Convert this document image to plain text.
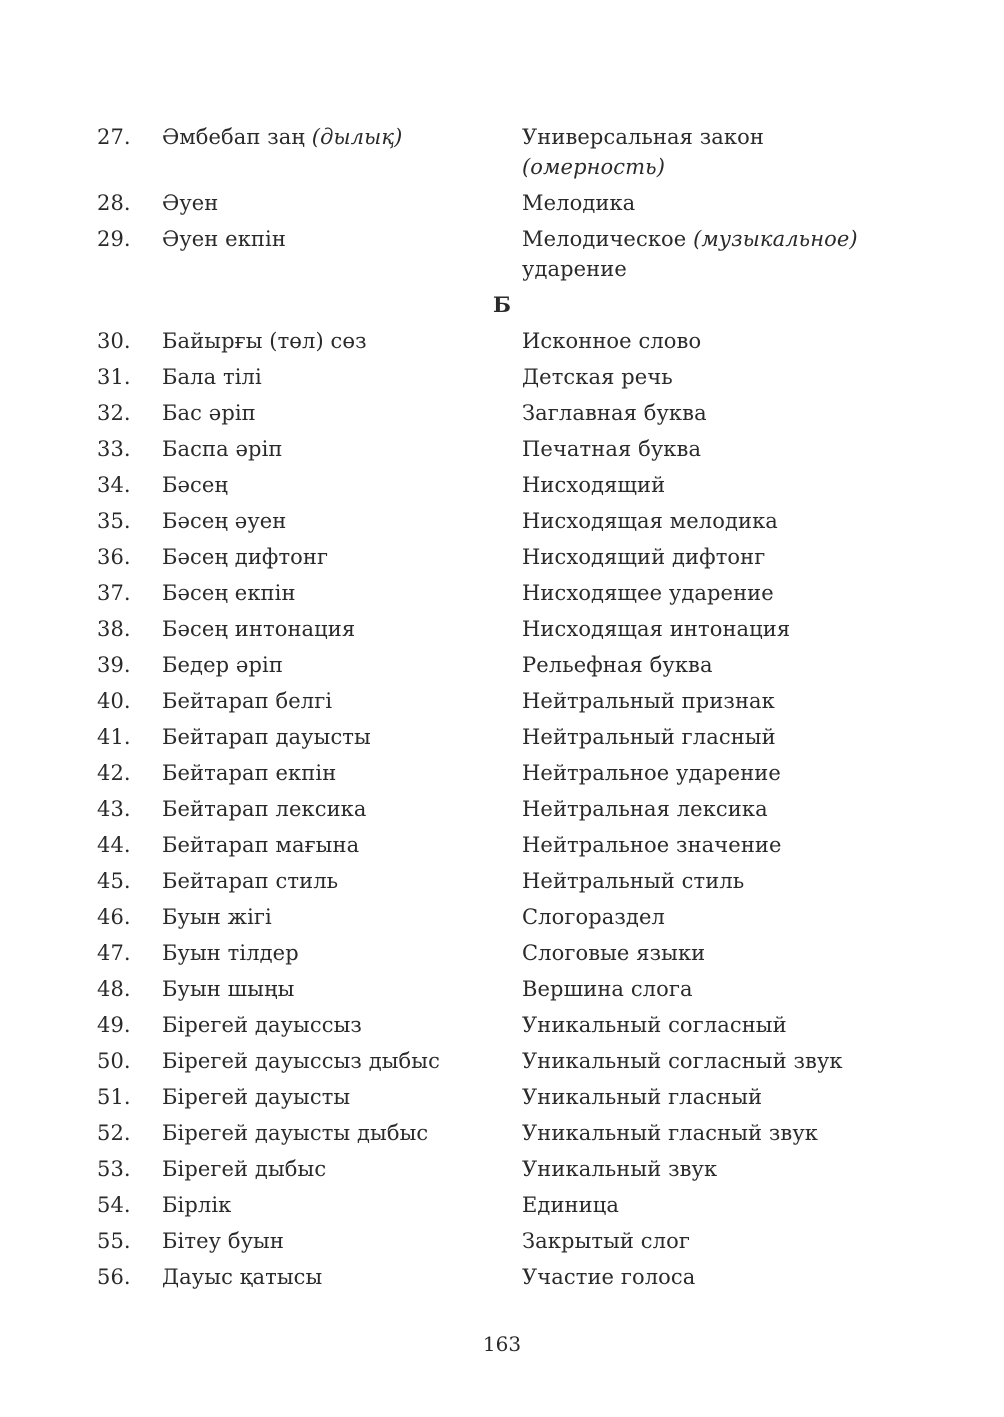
27.	Әмбебап заң (дылық)	Универсальная закон (омерность)
28.	Әуен	Мелодика
29.	Әуен екпін	Мелодическое (музыкальное) ударение
Б
30.	Байырғы (төл) сөз	Исконное слово
31.	Бала тілі	Детская речь
32.	Бас әріп	Заглавная буква
33.	Баспа әріп	Печатная буква
34.	Бәсең	Нисходящий
35.	Бәсең әуен	Нисходящая мелодика
36.	Бәсең дифтонг	Нисходящий дифтонг
37.	Бәсең екпін	Нисходящее ударение
38.	Бәсең интонация	Нисходящая интонация
39.	Бедер әріп	Рельефная буква
40.	Бейтарап белгі	Нейтральный признак
41.	Бейтарап дауысты	Нейтральный гласный
42.	Бейтарап екпін	Нейтральное ударение
43.	Бейтарап лексика	Нейтральная лексика
44.	Бейтарап мағына	Нейтральное значение
45.	Бейтарап стиль	Нейтральный стиль
46.	Буын жігі	Слогораздел
47.	Буын тілдер	Слоговые языки
48.	Буын шыңы	Вершина слога
49.	Бірегей дауыссыз	Уникальный согласный
50.	Бірегей дауыссыз дыбыс	Уникальный согласный звук
51.	Бірегей дауысты	Уникальный гласный
52.	Бірегей дауысты дыбыс	Уникальный гласный звук
53.	Бірегей дыбыс	Уникальный звук
54.	Бірлік	Единица
55.	Бітеу буын	Закрытый слог
56.	Дауыс қатысы	Участие голоса
163
